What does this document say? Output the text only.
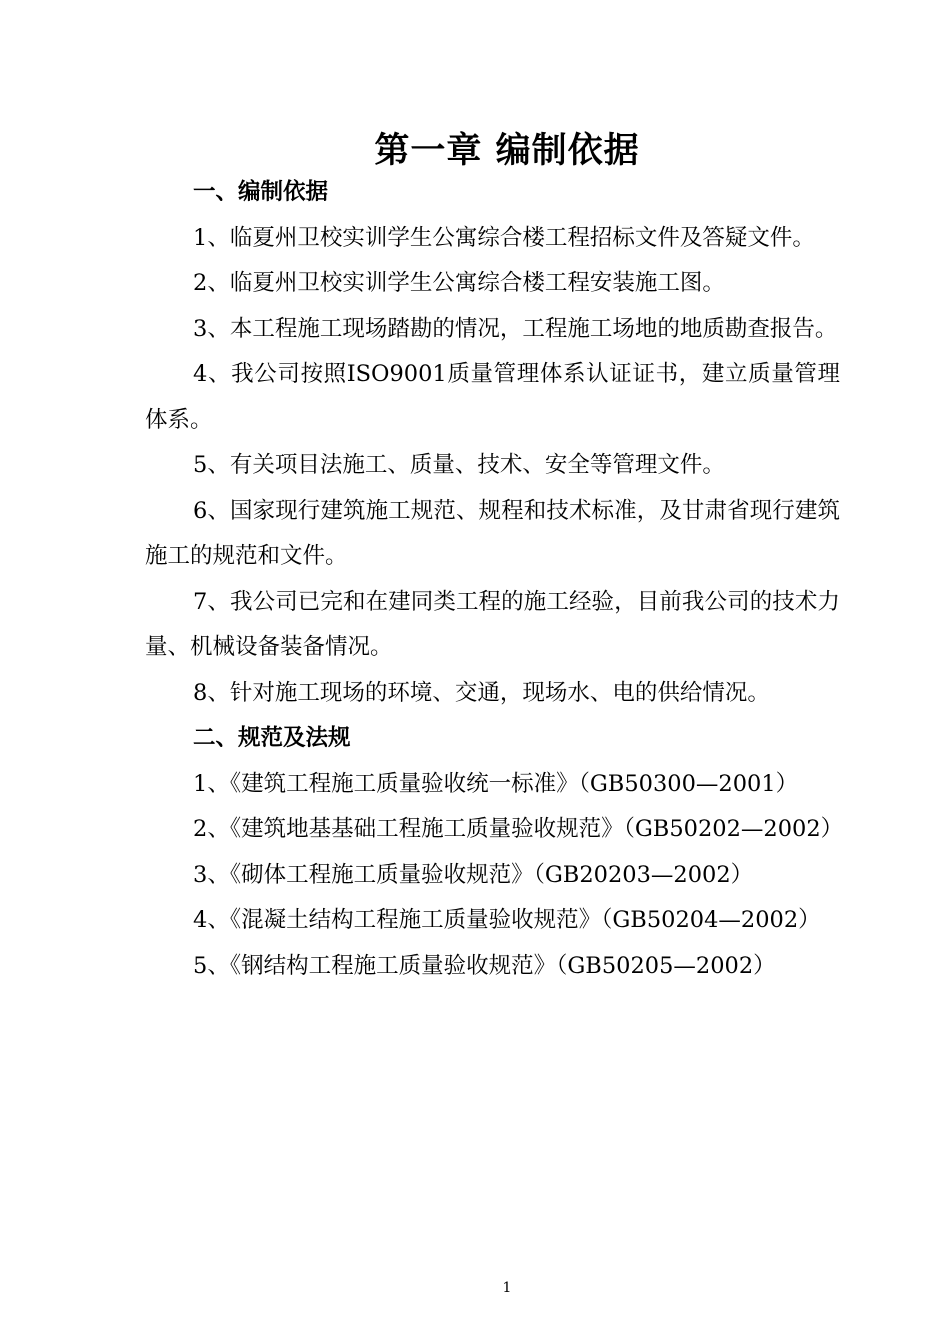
第一章 编制依据

一、编制依据

1、临夏州卫校实训学生公寓综合楼工程招标文件及答疑文件。

2、临夏州卫校实训学生公寓综合楼工程安装施工图。

3、本工程施工现场踏勘的情况，工程施工场地的地质勘查报告。

4、我公司按照ISO9001质量管理体系认证证书，建立质量管理体系。

5、有关项目法施工、质量、技术、安全等管理文件。

6、国家现行建筑施工规范、规程和技术标准，及甘肃省现行建筑施工的规范和文件。

7、我公司已完和在建同类工程的施工经验，目前我公司的技术力量、机械设备装备情况。

8、针对施工现场的环境、交通，现场水、电的供给情况。

二、规范及法规

1、《建筑工程施工质量验收统一标准》（GB50300—2001）

2、《建筑地基基础工程施工质量验收规范》（GB50202—2002）

3、《砌体工程施工质量验收规范》（GB20203—2002）

4、《混凝土结构工程施工质量验收规范》（GB50204—2002）

5、《钢结构工程施工质量验收规范》（GB50205—2002）

1
